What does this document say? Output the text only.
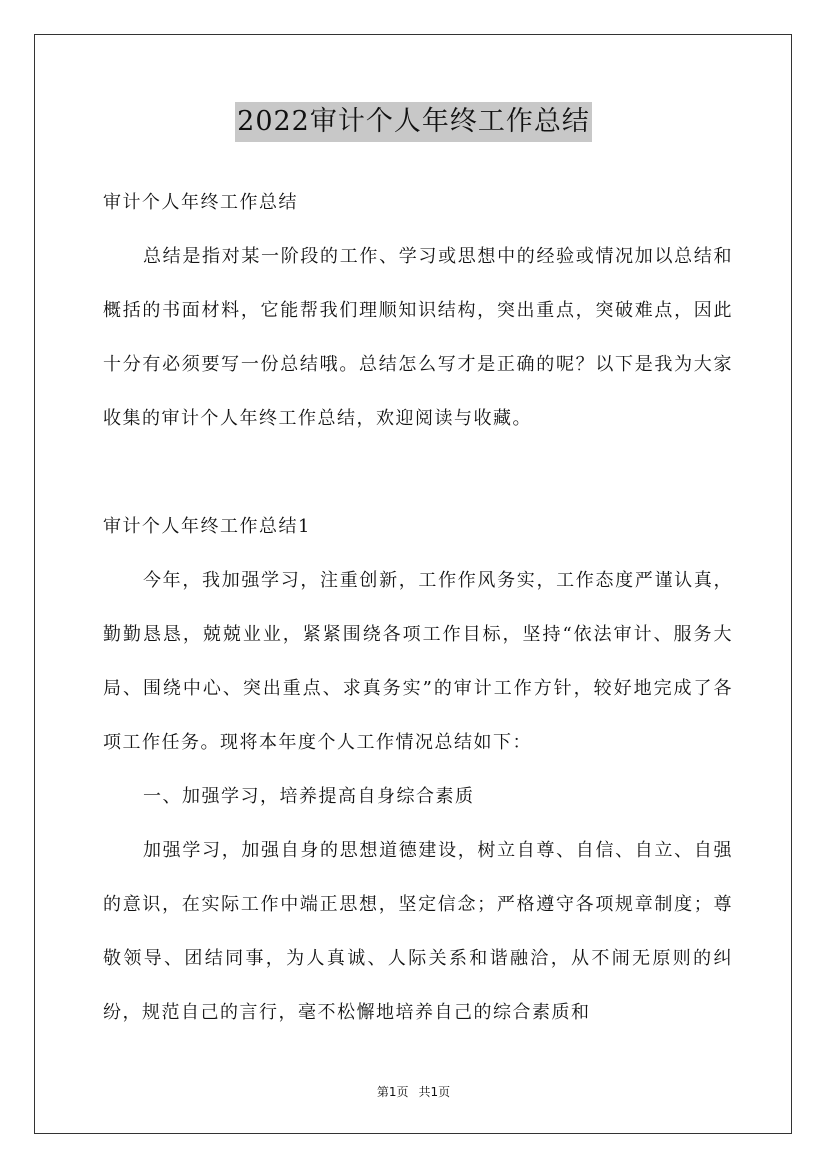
2022审计个人年终工作总结

审计个人年终工作总结

总结是指对某一阶段的工作、学习或思想中的经验或情况加以总结和概括的书面材料，它能帮我们理顺知识结构，突出重点，突破难点，因此十分有必须要写一份总结哦。总结怎么写才是正确的呢？以下是我为大家收集的审计个人年终工作总结，欢迎阅读与收藏。

审计个人年终工作总结1

今年，我加强学习，注重创新，工作作风务实，工作态度严谨认真，勤勤恳恳，兢兢业业，紧紧围绕各项工作目标，坚持“依法审计、服务大局、围绕中心、突出重点、求真务实”的审计工作方针，较好地完成了各项工作任务。现将本年度个人工作情况总结如下：

一、加强学习，培养提高自身综合素质

加强学习，加强自身的思想道德建设，树立自尊、自信、自立、自强的意识，在实际工作中端正思想，坚定信念；严格遵守各项规章制度；尊敬领导、团结同事，为人真诚、人际关系和谐融洽，从不闹无原则的纠纷，规范自己的言行，毫不松懈地培养自己的综合素质和

第1页 共1页
